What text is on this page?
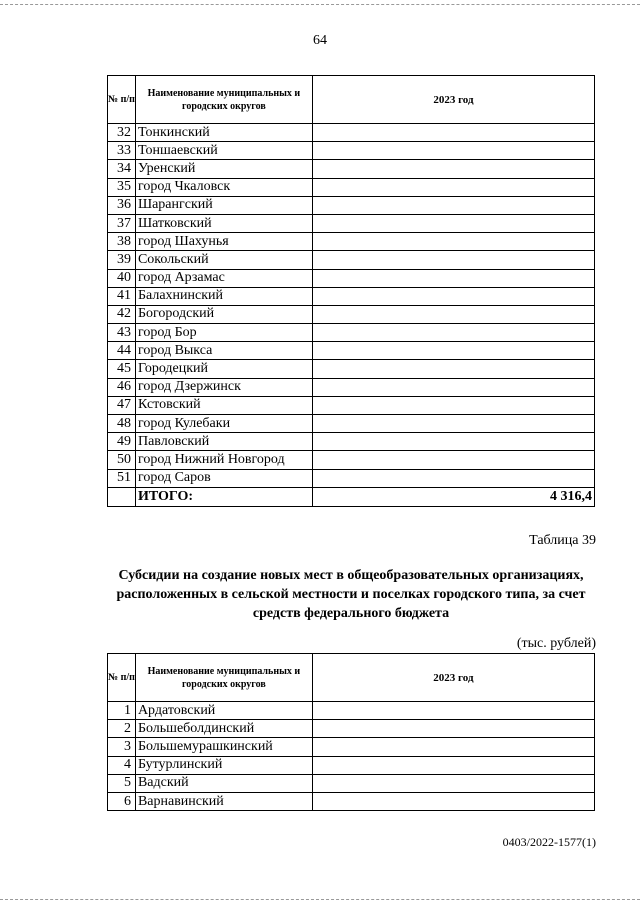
64
№ п/п	Наименование муниципальных и городских округов	2023 год
32	Тонкинский	
33	Тоншаевский	
34	Уренский	
35	город Чкаловск	
36	Шарангский	
37	Шатковский	
38	город Шахунья	
39	Сокольский	
40	город Арзамас	
41	Балахнинский	
42	Богородский	
43	город Бор	
44	город Выкса	
45	Городецкий	
46	город Дзержинск	
47	Кстовский	
48	город Кулебаки	
49	Павловский	
50	город Нижний Новгород	
51	город Саров	
	ИТОГО:	4 316,4
Таблица 39
Субсидии на создание новых мест в общеобразовательных организациях, расположенных в сельской местности и поселках городского типа, за счет средств федерального бюджета
(тыс. рублей)
№ п/п	Наименование муниципальных и городских округов	2023 год
1	Ардатовский	
2	Большеболдинский	
3	Большемурашкинский	
4	Бутурлинский	
5	Вадский	
6	Варнавинский	
0403/2022-1577(1)
